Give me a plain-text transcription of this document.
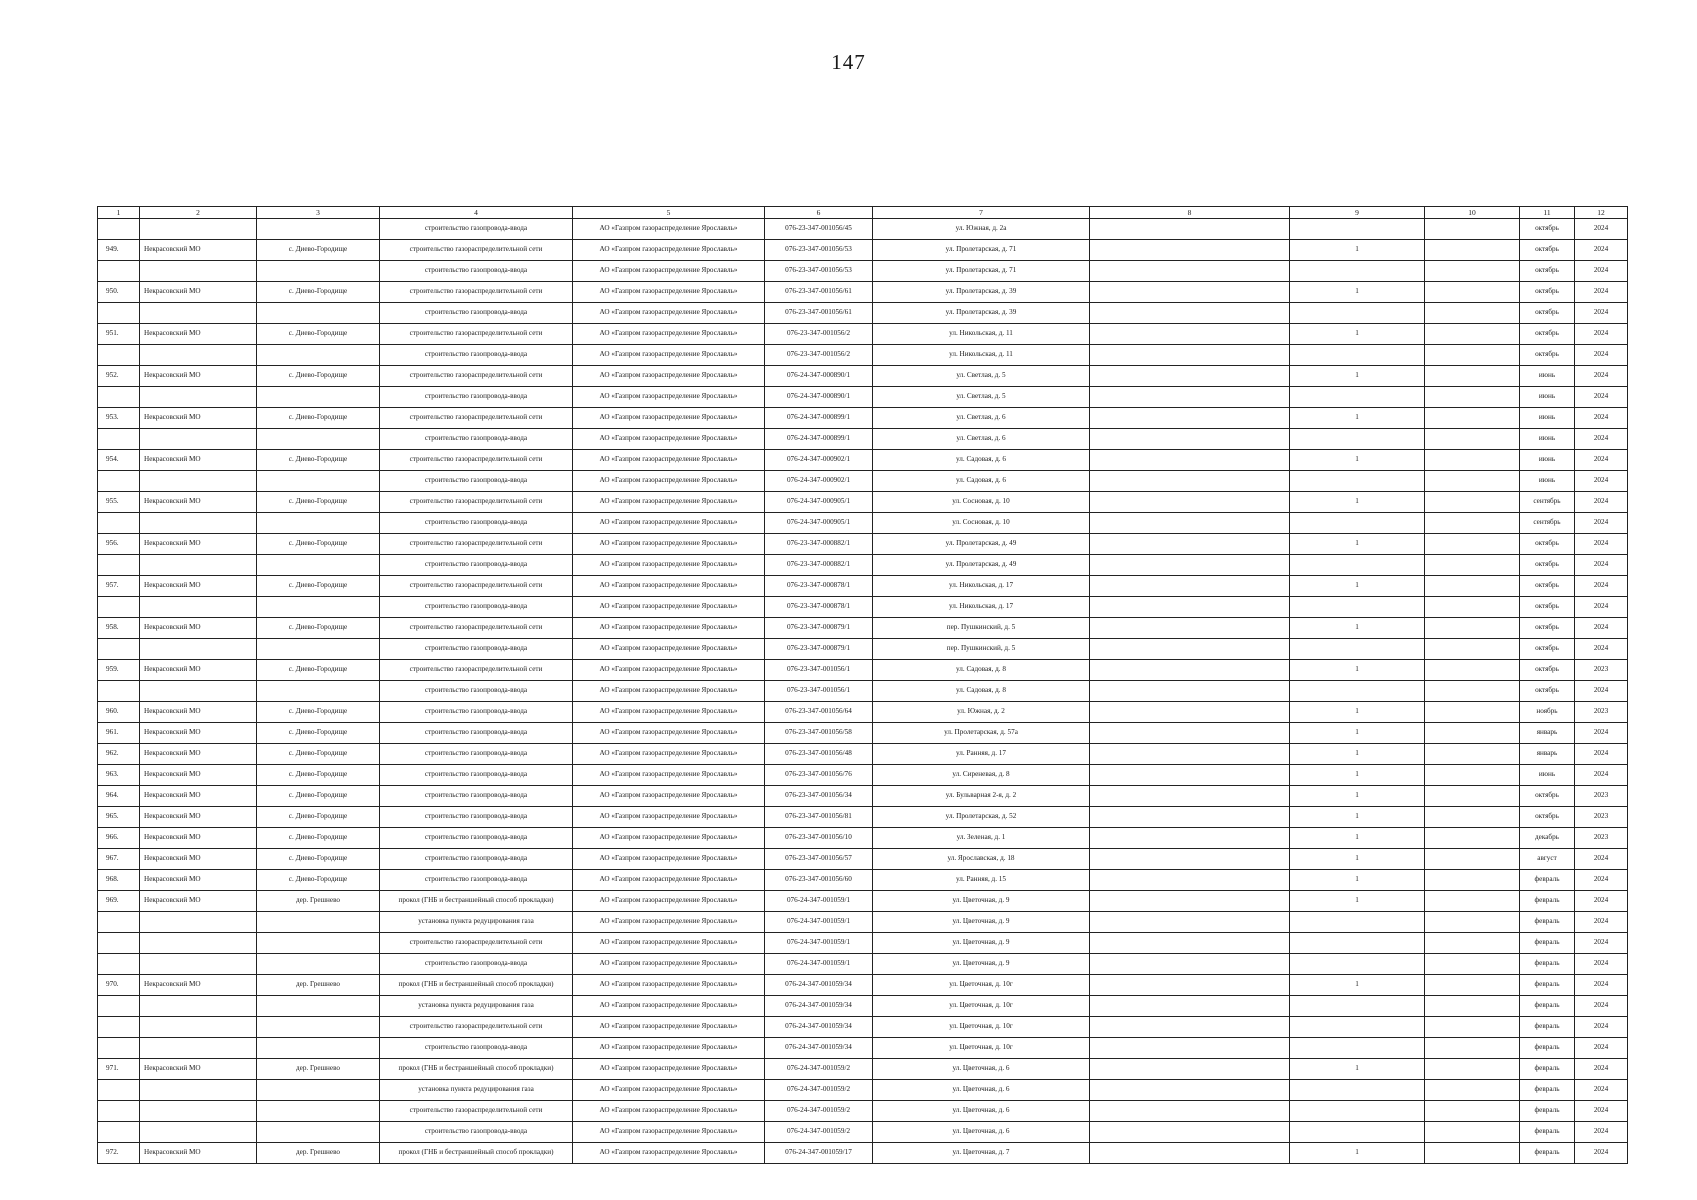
147
1	2	3	4	5	6	7	8	9	10	11	12
			строительство газопровода-ввода	АО «Газпром газораспределение Ярославль»	076-23-347-001056/45	ул. Южная, д. 2а				октябрь	2024
949.	Некрасовский МО	с. Диево-Городище	строительство газораспределительной сети	АО «Газпром газораспределение Ярославль»	076-23-347-001056/53	ул. Пролетарская, д. 71		1		октябрь	2024
			строительство газопровода-ввода	АО «Газпром газораспределение Ярославль»	076-23-347-001056/53	ул. Пролетарская, д. 71				октябрь	2024
950.	Некрасовский МО	с. Диево-Городище	строительство газораспределительной сети	АО «Газпром газораспределение Ярославль»	076-23-347-001056/61	ул. Пролетарская, д. 39		1		октябрь	2024
			строительство газопровода-ввода	АО «Газпром газораспределение Ярославль»	076-23-347-001056/61	ул. Пролетарская, д. 39				октябрь	2024
951.	Некрасовский МО	с. Диево-Городище	строительство газораспределительной сети	АО «Газпром газораспределение Ярославль»	076-23-347-001056/2	ул. Никольская, д. 11		1		октябрь	2024
			строительство газопровода-ввода	АО «Газпром газораспределение Ярославль»	076-23-347-001056/2	ул. Никольская, д. 11				октябрь	2024
952.	Некрасовский МО	с. Диево-Городище	строительство газораспределительной сети	АО «Газпром газораспределение Ярославль»	076-24-347-000890/1	ул. Светлая, д. 5		1		июнь	2024
			строительство газопровода-ввода	АО «Газпром газораспределение Ярославль»	076-24-347-000890/1	ул. Светлая, д. 5				июнь	2024
953.	Некрасовский МО	с. Диево-Городище	строительство газораспределительной сети	АО «Газпром газораспределение Ярославль»	076-24-347-000899/1	ул. Светлая, д. 6		1		июнь	2024
			строительство газопровода-ввода	АО «Газпром газораспределение Ярославль»	076-24-347-000899/1	ул. Светлая, д. 6				июнь	2024
954.	Некрасовский МО	с. Диево-Городище	строительство газораспределительной сети	АО «Газпром газораспределение Ярославль»	076-24-347-000902/1	ул. Садовая, д. 6		1		июнь	2024
			строительство газопровода-ввода	АО «Газпром газораспределение Ярославль»	076-24-347-000902/1	ул. Садовая, д. 6				июнь	2024
955.	Некрасовский МО	с. Диево-Городище	строительство газораспределительной сети	АО «Газпром газораспределение Ярославль»	076-24-347-000905/1	ул. Сосновая, д. 10		1		сентябрь	2024
			строительство газопровода-ввода	АО «Газпром газораспределение Ярославль»	076-24-347-000905/1	ул. Сосновая, д. 10				сентябрь	2024
956.	Некрасовский МО	с. Диево-Городище	строительство газораспределительной сети	АО «Газпром газораспределение Ярославль»	076-23-347-000882/1	ул. Пролетарская, д. 49		1		октябрь	2024
			строительство газопровода-ввода	АО «Газпром газораспределение Ярославль»	076-23-347-000882/1	ул. Пролетарская, д. 49				октябрь	2024
957.	Некрасовский МО	с. Диево-Городище	строительство газораспределительной сети	АО «Газпром газораспределение Ярославль»	076-23-347-000878/1	ул. Никольская, д. 17		1		октябрь	2024
			строительство газопровода-ввода	АО «Газпром газораспределение Ярославль»	076-23-347-000878/1	ул. Никольская, д. 17				октябрь	2024
958.	Некрасовский МО	с. Диево-Городище	строительство газораспределительной сети	АО «Газпром газораспределение Ярославль»	076-23-347-000879/1	пер. Пушкинский, д. 5		1		октябрь	2024
			строительство газопровода-ввода	АО «Газпром газораспределение Ярославль»	076-23-347-000879/1	пер. Пушкинский, д. 5				октябрь	2024
959.	Некрасовский МО	с. Диево-Городище	строительство газораспределительной сети	АО «Газпром газораспределение Ярославль»	076-23-347-001056/1	ул. Садовая, д. 8		1		октябрь	2023
			строительство газопровода-ввода	АО «Газпром газораспределение Ярославль»	076-23-347-001056/1	ул. Садовая, д. 8				октябрь	2024
960.	Некрасовский МО	с. Диево-Городище	строительство газопровода-ввода	АО «Газпром газораспределение Ярославль»	076-23-347-001056/64	ул. Южная, д. 2		1		ноябрь	2023
961.	Некрасовский МО	с. Диево-Городище	строительство газопровода-ввода	АО «Газпром газораспределение Ярославль»	076-23-347-001056/58	ул. Пролетарская, д. 57а		1		январь	2024
962.	Некрасовский МО	с. Диево-Городище	строительство газопровода-ввода	АО «Газпром газораспределение Ярославль»	076-23-347-001056/48	ул. Ранняя, д. 17		1		январь	2024
963.	Некрасовский МО	с. Диево-Городище	строительство газопровода-ввода	АО «Газпром газораспределение Ярославль»	076-23-347-001056/76	ул. Сиреневая, д. 8		1		июнь	2024
964.	Некрасовский МО	с. Диево-Городище	строительство газопровода-ввода	АО «Газпром газораспределение Ярославль»	076-23-347-001056/34	ул. Бульварная 2-я, д. 2		1		октябрь	2023
965.	Некрасовский МО	с. Диево-Городище	строительство газопровода-ввода	АО «Газпром газораспределение Ярославль»	076-23-347-001056/81	ул. Пролетарская, д. 52		1		октябрь	2023
966.	Некрасовский МО	с. Диево-Городище	строительство газопровода-ввода	АО «Газпром газораспределение Ярославль»	076-23-347-001056/10	ул. Зеленая, д. 1		1		декабрь	2023
967.	Некрасовский МО	с. Диево-Городище	строительство газопровода-ввода	АО «Газпром газораспределение Ярославль»	076-23-347-001056/57	ул. Ярославская, д. 18		1		август	2024
968.	Некрасовский МО	с. Диево-Городище	строительство газопровода-ввода	АО «Газпром газораспределение Ярославль»	076-23-347-001056/60	ул. Ранняя, д. 15		1		февраль	2024
969.	Некрасовский МО	дер. Грешнево	прокол (ГНБ и бестраншейный способ прокладки)	АО «Газпром газораспределение Ярославль»	076-24-347-001059/1	ул. Цветочная, д. 9		1		февраль	2024
			установка пункта редуцирования газа	АО «Газпром газораспределение Ярославль»	076-24-347-001059/1	ул. Цветочная, д. 9				февраль	2024
			строительство газораспределительной сети	АО «Газпром газораспределение Ярославль»	076-24-347-001059/1	ул. Цветочная, д. 9				февраль	2024
			строительство газопровода-ввода	АО «Газпром газораспределение Ярославль»	076-24-347-001059/1	ул. Цветочная, д. 9				февраль	2024
970.	Некрасовский МО	дер. Грешнево	прокол (ГНБ и бестраншейный способ прокладки)	АО «Газпром газораспределение Ярославль»	076-24-347-001059/34	ул. Цветочная, д. 10г		1		февраль	2024
			установка пункта редуцирования газа	АО «Газпром газораспределение Ярославль»	076-24-347-001059/34	ул. Цветочная, д. 10г				февраль	2024
			строительство газораспределительной сети	АО «Газпром газораспределение Ярославль»	076-24-347-001059/34	ул. Цветочная, д. 10г				февраль	2024
			строительство газопровода-ввода	АО «Газпром газораспределение Ярославль»	076-24-347-001059/34	ул. Цветочная, д. 10г				февраль	2024
971.	Некрасовский МО	дер. Грешнево	прокол (ГНБ и бестраншейный способ прокладки)	АО «Газпром газораспределение Ярославль»	076-24-347-001059/2	ул. Цветочная, д. 6		1		февраль	2024
			установка пункта редуцирования газа	АО «Газпром газораспределение Ярославль»	076-24-347-001059/2	ул. Цветочная, д. 6				февраль	2024
			строительство газораспределительной сети	АО «Газпром газораспределение Ярославль»	076-24-347-001059/2	ул. Цветочная, д. 6				февраль	2024
			строительство газопровода-ввода	АО «Газпром газораспределение Ярославль»	076-24-347-001059/2	ул. Цветочная, д. 6				февраль	2024
972.	Некрасовский МО	дер. Грешнево	прокол (ГНБ и бестраншейный способ прокладки)	АО «Газпром газораспределение Ярославль»	076-24-347-001059/17	ул. Цветочная, д. 7		1		февраль	2024
